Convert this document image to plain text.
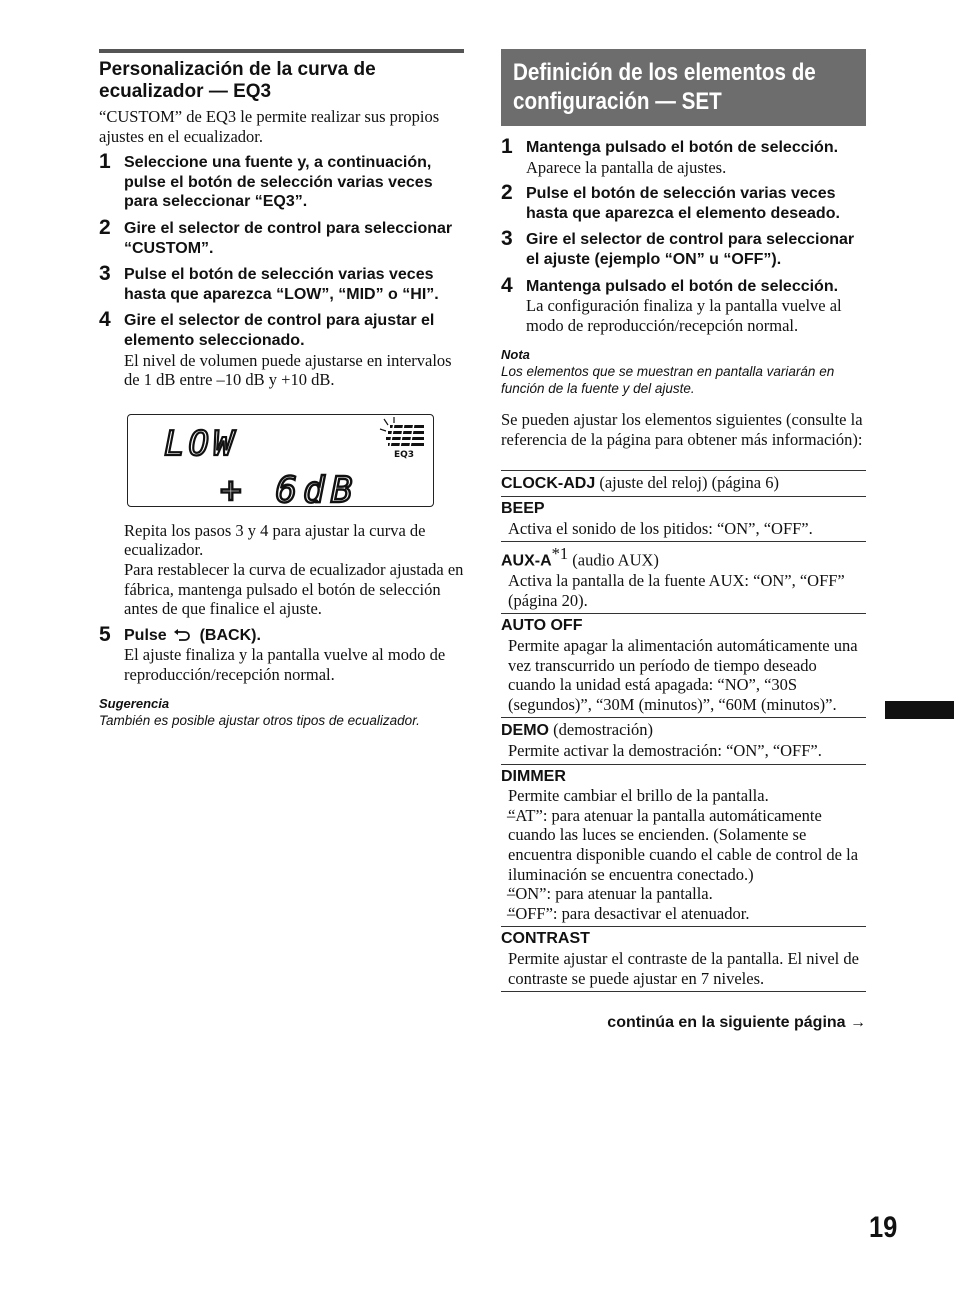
Personalización de la curva de ecualizador — EQ3
“CUSTOM” de EQ3 le permite realizar sus propios ajustes en el ecualizador.
1 Seleccione una fuente y, a continuación, pulse el botón de selección varias veces para seleccionar “EQ3”.
2 Gire el selector de control para seleccionar “CUSTOM”.
3 Pulse el botón de selección varias veces hasta que aparezca “LOW”, “MID” o “HI”.
4 Gire el selector de control para ajustar el elemento seleccionado.
El nivel de volumen puede ajustarse en intervalos de 1 dB entre –10 dB y +10 dB.
LOW
+ 6dB
EQ3
Repita los pasos 3 y 4 para ajustar la curva de ecualizador.
Para restablecer la curva de ecualizador ajustada en fábrica, mantenga pulsado el botón de selección antes de que finalice el ajuste.
5 Pulse (BACK).
El ajuste finaliza y la pantalla vuelve al modo de reproducción/recepción normal.
Sugerencia
También es posible ajustar otros tipos de ecualizador.
Definición de los elementos de
configuración — SET
1 Mantenga pulsado el botón de selección.
Aparece la pantalla de ajustes.
2 Pulse el botón de selección varias veces hasta que aparezca el elemento deseado.
3 Gire el selector de control para seleccionar el ajuste (ejemplo “ON” u “OFF”).
4 Mantenga pulsado el botón de selección.
La configuración finaliza y la pantalla vuelve al modo de reproducción/recepción normal.
Nota
Los elementos que se muestran en pantalla variarán en función de la fuente y del ajuste.
Se pueden ajustar los elementos siguientes (consulte la referencia de la página para obtener más información):
CLOCK-ADJ (ajuste del reloj) (página 6)
BEEP
Activa el sonido de los pitidos: “ON”, “OFF”.
AUX-$A^{*1}$ (audio AUX)
Activa la pantalla de la fuente AUX: “ON”, “OFF” (página 20).
AUTO OFF
Permite apagar la alimentación automáticamente una vez transcurrido un período de tiempo deseado cuando la unidad está apagada: “NO”, “30S (segundos)”, “30M (minutos)”, “60M (minutos)”.
DEMO (demostración)
Permite activar la demostración: “ON”, “OFF”.
DIMMER
Permite cambiar el brillo de la pantalla.
– “AT”: para atenuar la pantalla automáticamente cuando las luces se encienden. (Solamente se encuentra disponible cuando el cable de control de la iluminación se encuentra conectado.)
– “ON”: para atenuar la pantalla.
– “OFF”: para desactivar el atenuador.
CONTRAST
Permite ajustar el contraste de la pantalla. El nivel de contraste se puede ajustar en 7 niveles.
continúa en la siguiente página →
19
